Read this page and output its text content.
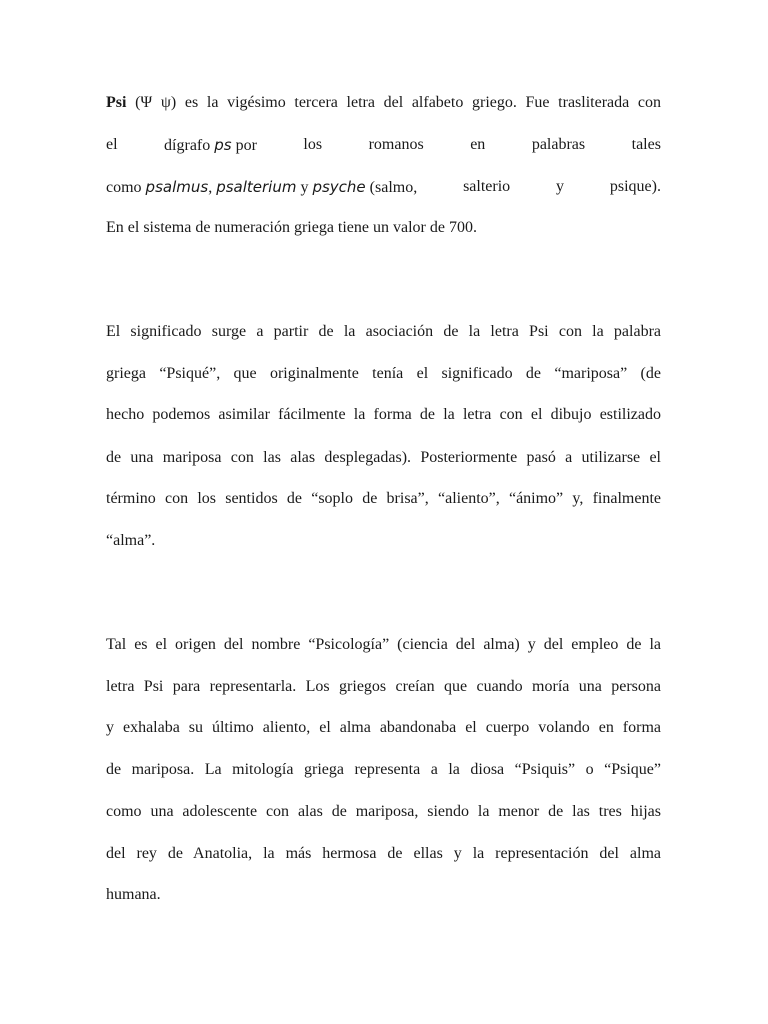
Psi (Ψ ψ) es la vigésimo tercera letra del alfabeto griego. Fue trasliterada con
el	dígrafo ps por	los	romanos	en	palabras	tales
como psalmus, psalterium y psyche (salmo,	salterio	y	psique).
En el sistema de numeración griega tiene un valor de 700.
El significado surge a partir de la asociación de la letra Psi con la palabra
griega “Psiqué”, que originalmente tenía el significado de “mariposa” (de
hecho podemos asimilar fácilmente la forma de la letra con el dibujo estilizado
de una mariposa con las alas desplegadas). Posteriormente pasó a utilizarse el
término con los sentidos de “soplo de brisa”, “aliento”, “ánimo” y, finalmente
“alma”.
Tal es el origen del nombre “Psicología” (ciencia del alma) y del empleo de la
letra Psi para representarla. Los griegos creían que cuando moría una persona
y exhalaba su último aliento, el alma abandonaba el cuerpo volando en forma
de mariposa. La mitología griega representa a la diosa “Psiquis” o “Psique”
como una adolescente con alas de mariposa, siendo la menor de las tres hijas
del rey de Anatolia, la más hermosa de ellas y la representación del alma
humana.
